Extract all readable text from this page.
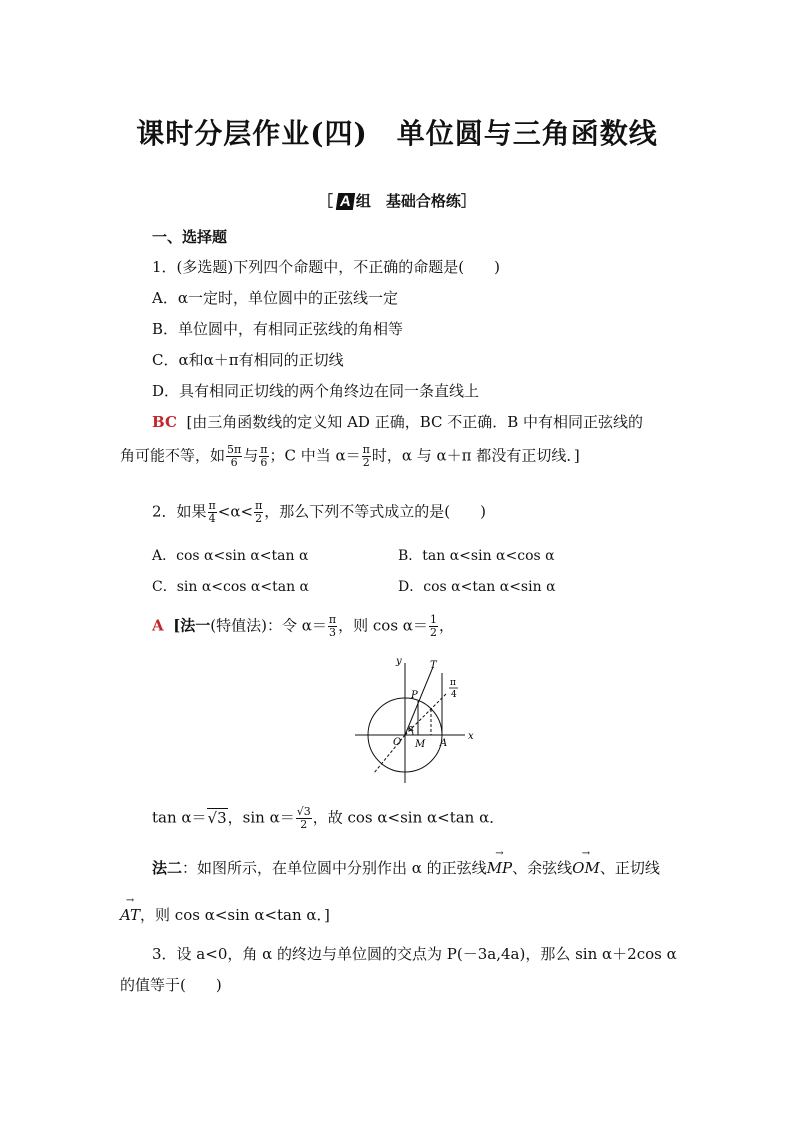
课时分层作业(四)　单位圆与三角函数线
［ A 组　基础合格练］
一、选择题
1．(多选题)下列四个命题中，不正确的命题是(　　)
A．α一定时，单位圆中的正弦线一定
B．单位圆中，有相同正弦线的角相等
C．α和α＋π有相同的正切线
D．具有相同正切线的两个角终边在同一条直线上
BC [由三角函数线的定义知 AD 正确，BC 不正确．B 中有相同正弦线的
角可能不等，如 $\frac{5\pi}{6}$ 与 $\frac{\pi}{6}$ ；C 中当 $\alpha= \frac{\pi}{2}$ 时，α 与 α＋π 都没有正切线．]
2．如果 $\frac{\pi}{4} <\alpha< \frac{\pi}{2}$ ，那么下列不等式成立的是(　　)
A．cos α<sin α<tan α	B．tan α<sin α<cos α
C．sin α<cos α<tan α	D．cos α<tan α<sin α
A [法一(特值法)：令 $\alpha= \frac{\pi}{3}$ ，则 $\cos \alpha= \frac{1}{2}$ ，
y
x
T
P
O M A
α
π
4
tan α＝√3，$\sin \alpha= \frac{√3}{2}$ ，故 cos α<sin α<tan α．
法二：如图所示，在单位圆中分别作出 α 的正弦线→ MP、余弦线→ OM、正切线
→ AT，则 cos α<sin α<tan α．]
3．设 a<0，角 α 的终边与单位圆的交点为 P(－3a,4a)，那么 sin α＋2cos α
的值等于(　　)
